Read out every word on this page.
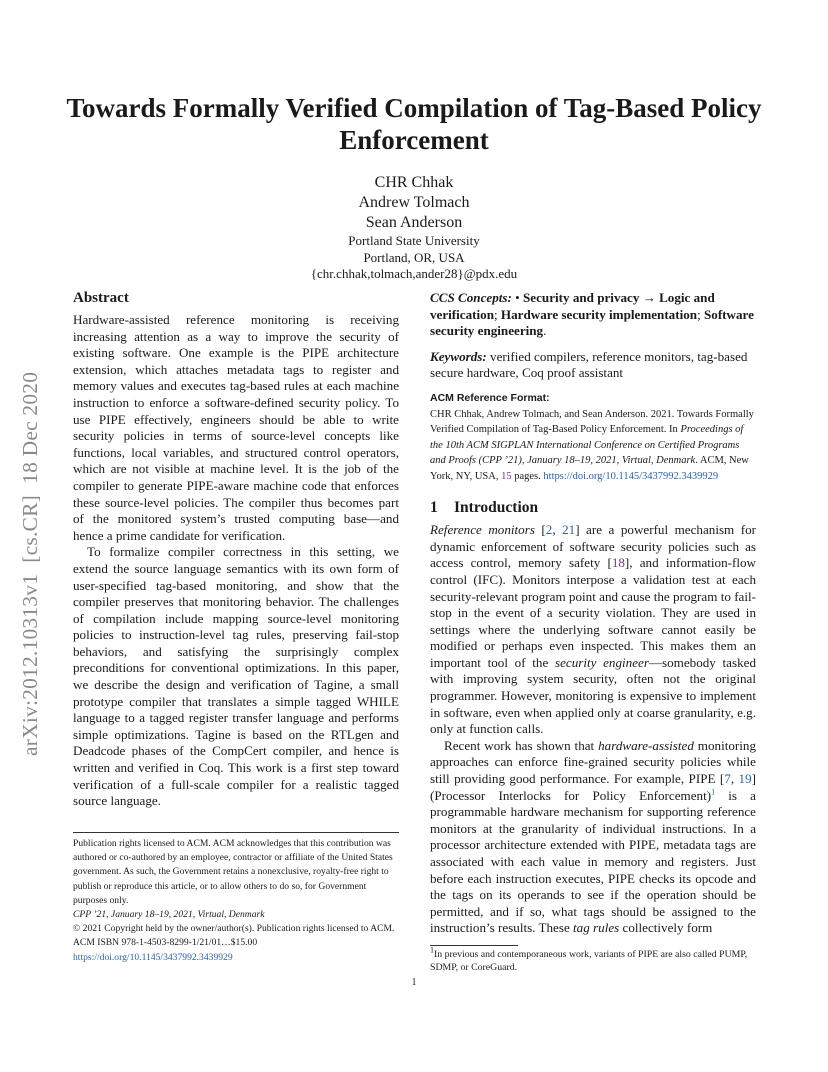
Towards Formally Verified Compilation of Tag-Based Policy Enforcement
CHR Chhak
Andrew Tolmach
Sean Anderson
Portland State University
Portland, OR, USA
{chr.chhak,tolmach,ander28}@pdx.edu
arXiv:2012.10313v1  [cs.CR]  18 Dec 2020
Abstract

Hardware-assisted reference monitoring is receiving increasing attention as a way to improve the security of existing software. One example is the PIPE architecture extension, which attaches metadata tags to register and memory values and executes tag-based rules at each machine instruction to enforce a software-defined security policy. To use PIPE effectively, engineers should be able to write security policies in terms of source-level concepts like functions, local variables, and structured control operators, which are not visible at machine level. It is the job of the compiler to generate PIPE-aware machine code that enforces these source-level policies. The compiler thus becomes part of the monitored system’s trusted computing base—and hence a prime candidate for verification.

To formalize compiler correctness in this setting, we extend the source language semantics with its own form of user-specified tag-based monitoring, and show that the compiler preserves that monitoring behavior. The challenges of compilation include mapping source-level monitoring policies to instruction-level tag rules, preserving fail-stop behaviors, and satisfying the surprisingly complex preconditions for conventional optimizations. In this paper, we describe the design and verification of Tagine, a small prototype compiler that translates a simple tagged WHILE language to a tagged register transfer language and performs simple optimizations. Tagine is based on the RTLgen and Deadcode phases of the CompCert compiler, and hence is written and verified in Coq. This work is a first step toward verification of a full-scale compiler for a realistic tagged source language.

Publication rights licensed to ACM. ACM acknowledges that this contribution was authored or co-authored by an employee, contractor or affiliate of the United States government. As such, the Government retains a nonexclusive, royalty-free right to publish or reproduce this article, or to allow others to do so, for Government purposes only.

CPP ’21, January 18–19, 2021, Virtual, Denmark

© 2021 Copyright held by the owner/author(s). Publication rights licensed to ACM.

ACM ISBN 978-1-4503-8299-1/21/01…$15.00

https://doi.org/10.1145/3437992.3439929

CCS Concepts: • Security and privacy → Logic and verification; Hardware security implementation; Software security engineering.

Keywords: verified compilers, reference monitors, tag-based secure hardware, Coq proof assistant

ACM Reference Format:

CHR Chhak, Andrew Tolmach, and Sean Anderson. 2021. Towards Formally Verified Compilation of Tag-Based Policy Enforcement. In Proceedings of the 10th ACM SIGPLAN International Conference on Certified Programs and Proofs (CPP ’21), January 18–19, 2021, Virtual, Denmark. ACM, New York, NY, USA, 15 pages. https://doi.org/10.1145/3437992.3439929

1 Introduction

Reference monitors [2, 21] are a powerful mechanism for dynamic enforcement of software security policies such as access control, memory safety [18], and information-flow control (IFC). Monitors interpose a validation test at each security-relevant program point and cause the program to fail-stop in the event of a security violation. They are used in settings where the underlying software cannot easily be modified or perhaps even inspected. This makes them an important tool of the security engineer—somebody tasked with improving system security, often not the original programmer. However, monitoring is expensive to implement in software, even when applied only at coarse granularity, e.g. only at function calls.

Recent work has shown that hardware-assisted monitoring approaches can enforce fine-grained security policies while still providing good performance. For example, PIPE [7, 19] (Processor Interlocks for Policy Enforcement)$^1$ is a programmable hardware mechanism for supporting reference monitors at the granularity of individual instructions. In a processor architecture extended with PIPE, metadata tags are associated with each value in memory and registers. Just before each instruction executes, PIPE checks its opcode and the tags on its operands to see if the operation should be permitted, and if so, what tags should be assigned to the instruction’s results. These tag rules collectively form

$^1$In previous and contemporaneous work, variants of PIPE are also called PUMP, SDMP, or CoreGuard.

1
